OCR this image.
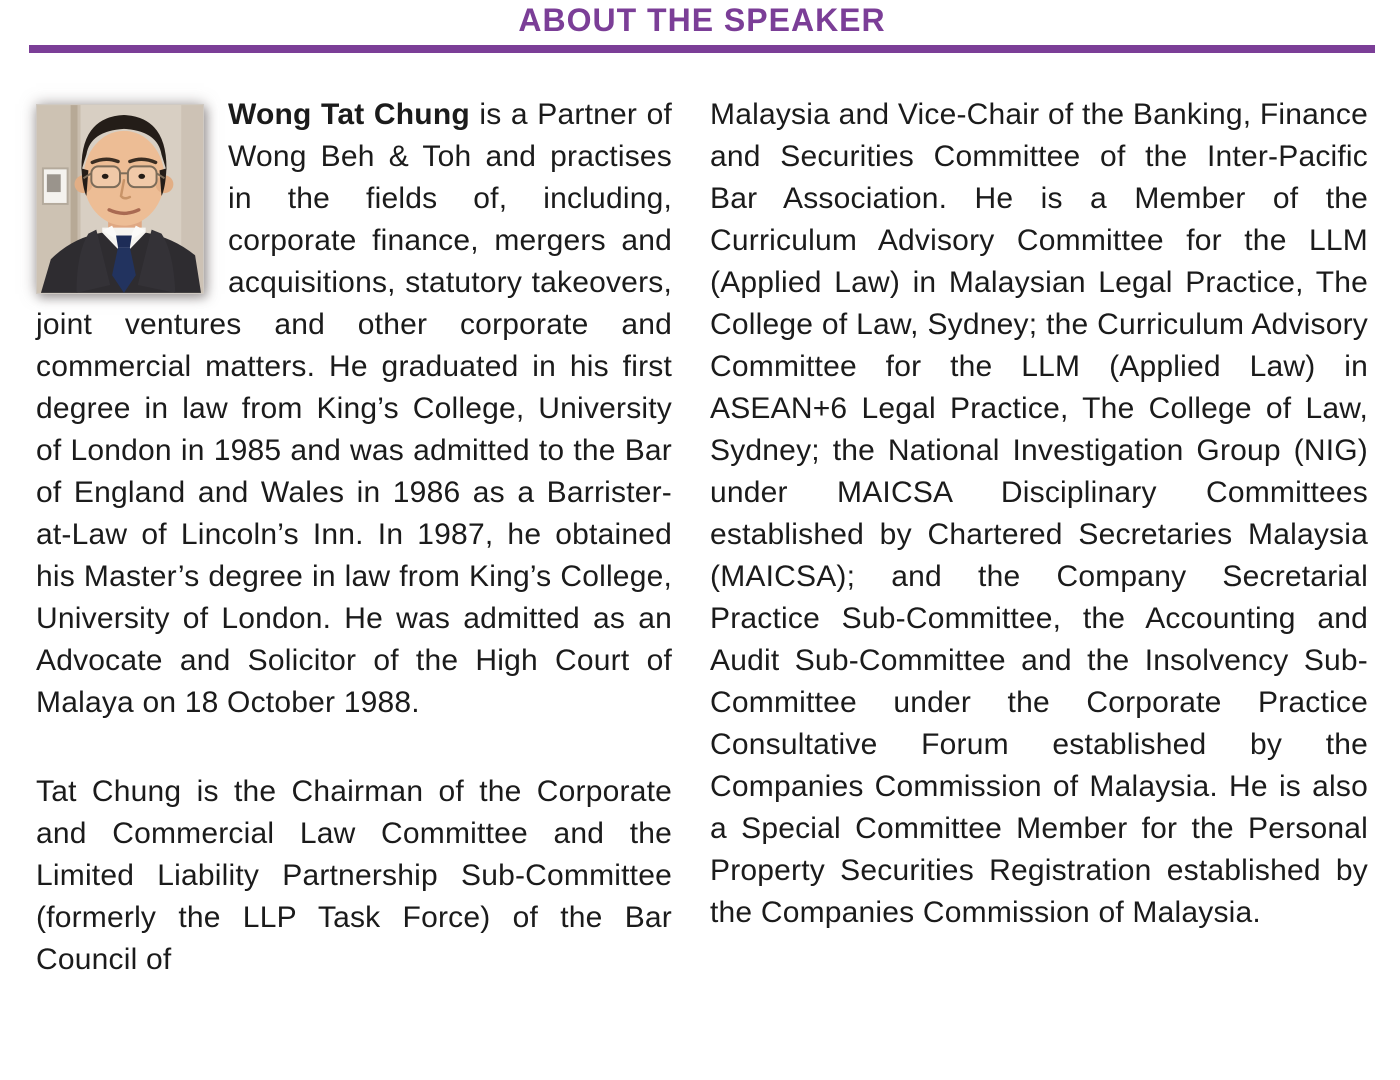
ABOUT THE SPEAKER

Wong Tat Chung is a Partner of Wong Beh & Toh and practises in the fields of, including, corporate finance, mergers and acquisitions, statutory takeovers, joint ventures and other corporate and commercial matters. He graduated in his first degree in law from King’s College, University of London in 1985 and was admitted to the Bar of England and Wales in 1986 as a Barrister-at-Law of Lincoln’s Inn. In 1987, he obtained his Master’s degree in law from King’s College, University of London. He was admitted as an Advocate and Solicitor of the High Court of Malaya on 18 October 1988.

Tat Chung is the Chairman of the Corporate and Commercial Law Committee and the Limited Liability Partnership Sub-Committee (formerly the LLP Task Force) of the Bar Council of

Malaysia and Vice-Chair of the Banking, Finance and Securities Committee of the Inter-Pacific Bar Association. He is a Member of the Curriculum Advisory Committee for the LLM (Applied Law) in Malaysian Legal Practice, The College of Law, Sydney; the Curriculum Advisory Committee for the LLM (Applied Law) in ASEAN+6 Legal Practice, The College of Law, Sydney; the National Investigation Group (NIG) under MAICSA Disciplinary Committees established by Chartered Secretaries Malaysia (MAICSA); and the Company Secretarial Practice Sub-Committee, the Accounting and Audit Sub-Committee and the Insolvency Sub-Committee under the Corporate Practice Consultative Forum established by the Companies Commission of Malaysia. He is also a Special Committee Member for the Personal Property Securities Registration established by the Companies Commission of Malaysia.
